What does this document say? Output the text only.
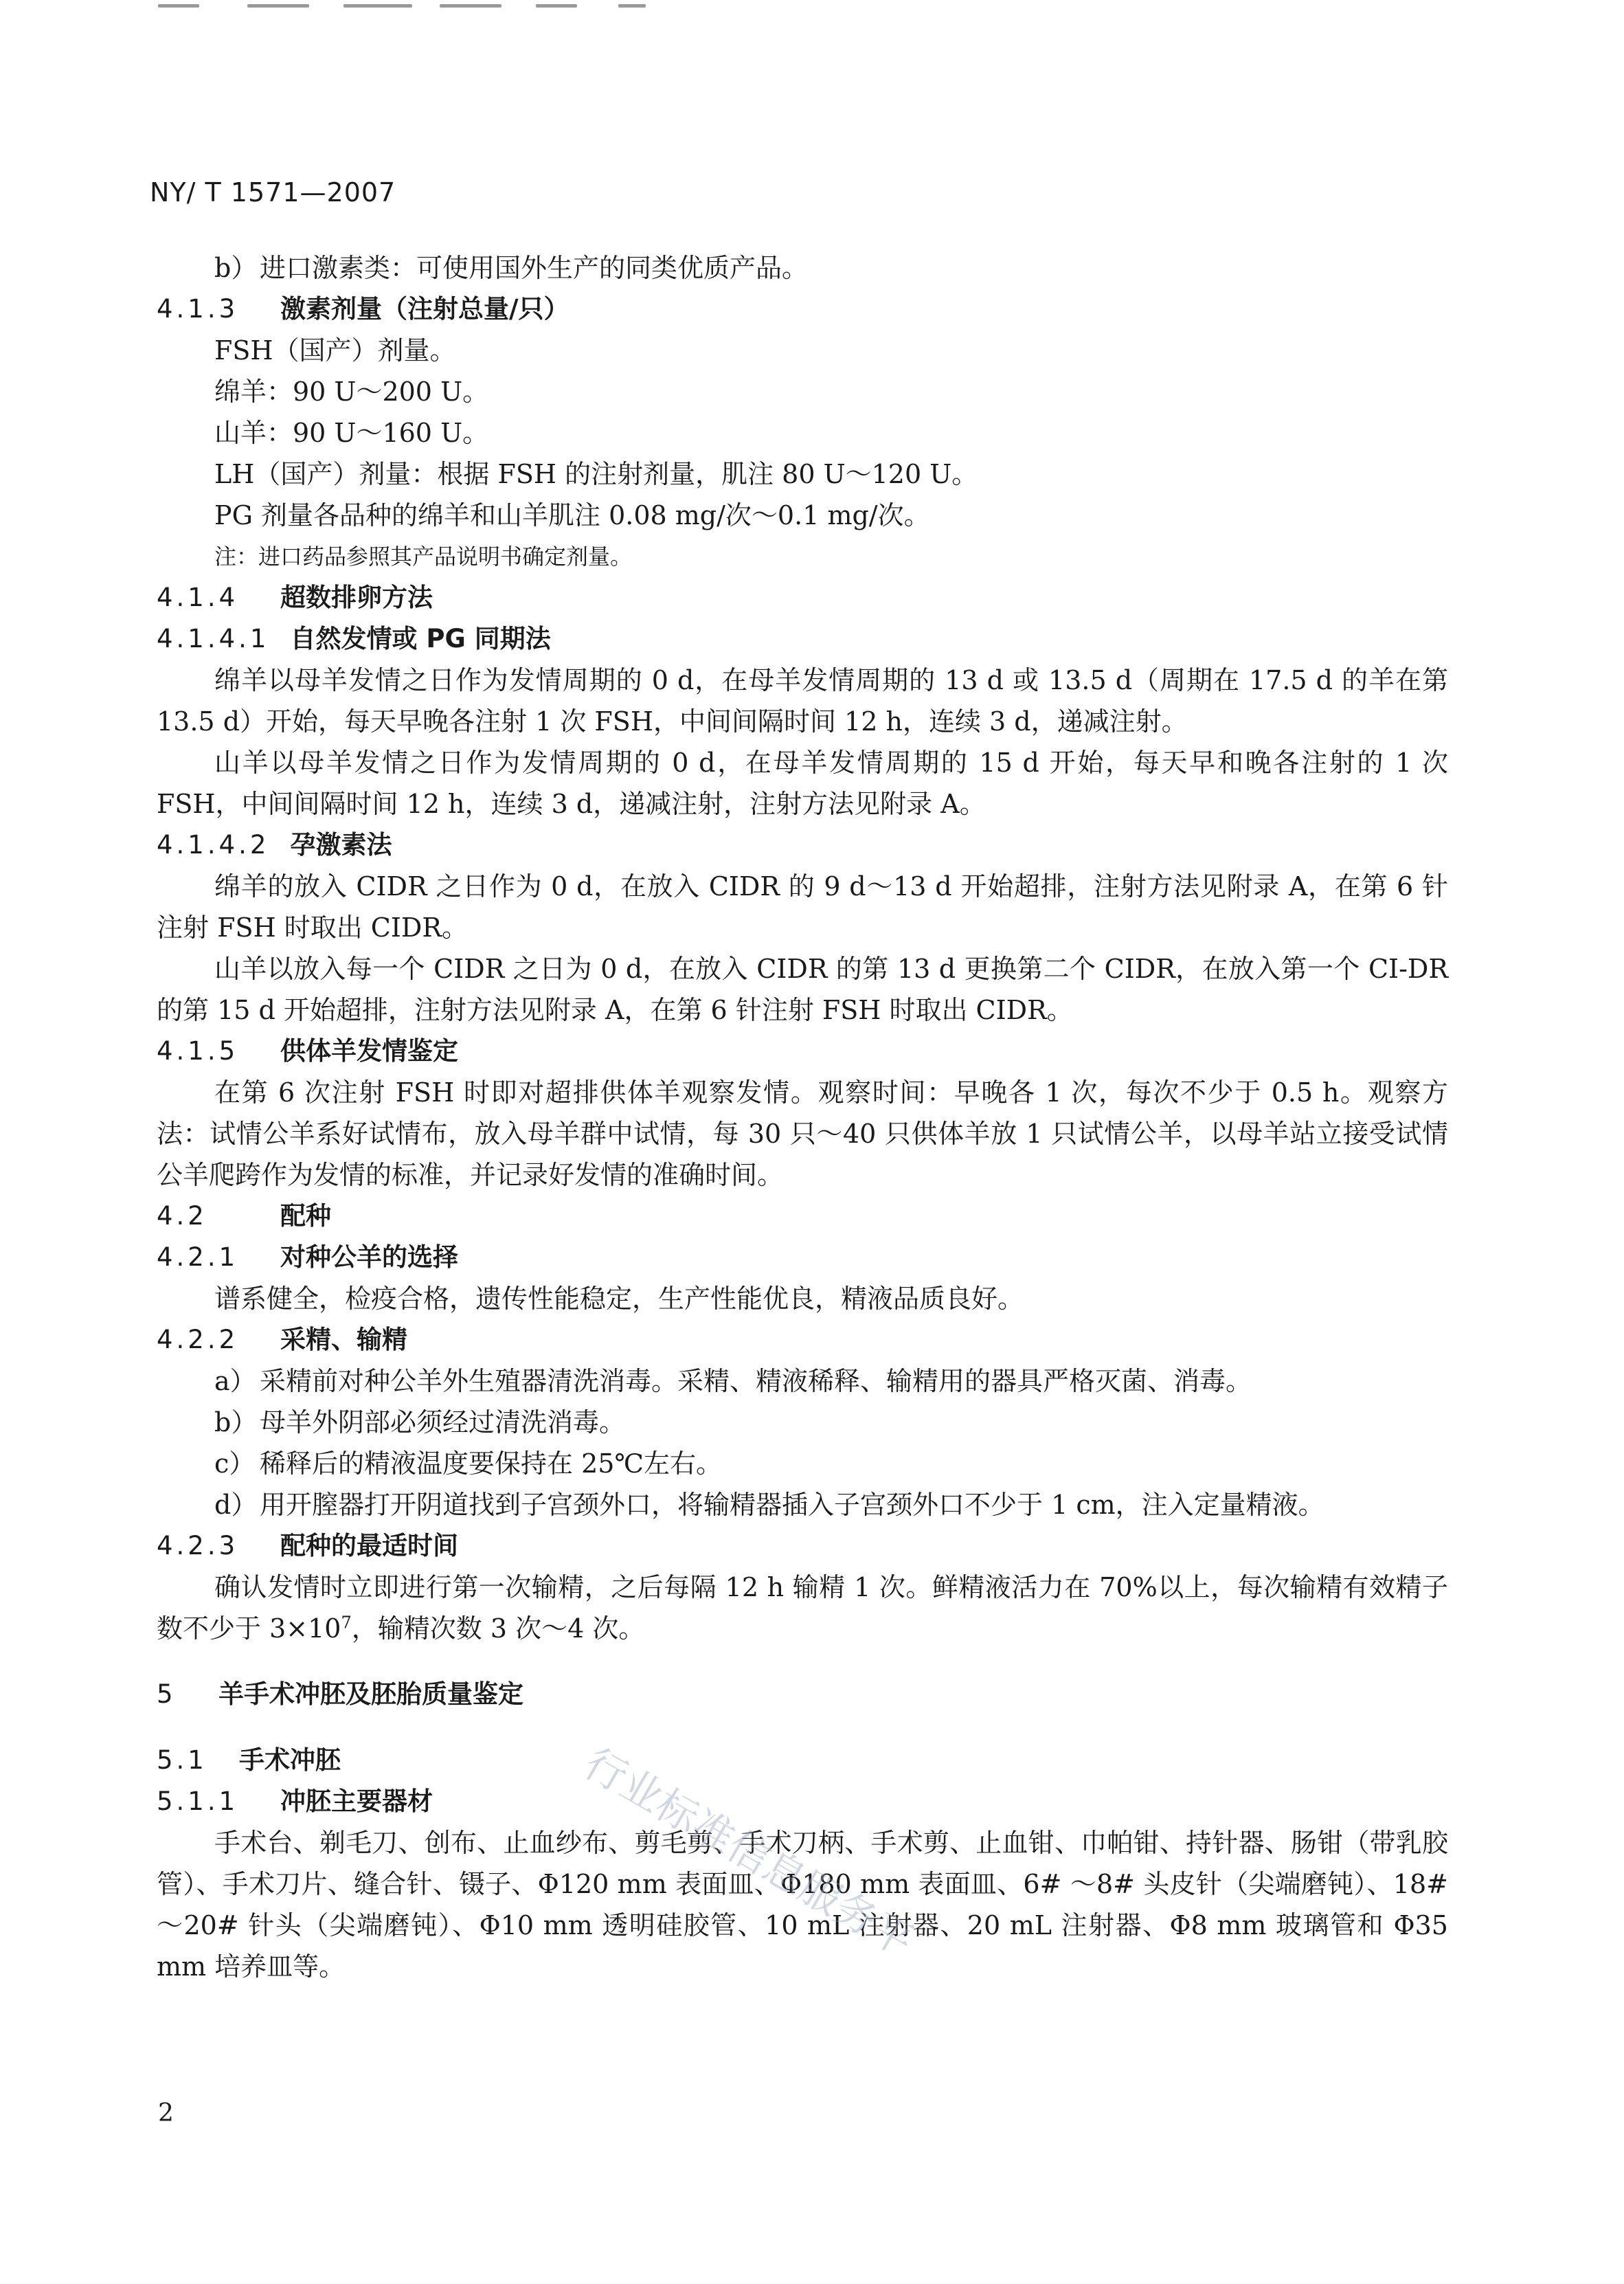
NY/ T 1571—2007

b）进口激素类：可使用国外生产的同类优质产品。

4.1.3 激素剂量（注射总量/只）

FSH（国产）剂量。

绵羊：90 U～200 U。

山羊：90 U～160 U。

LH（国产）剂量：根据 FSH 的注射剂量，肌注 80 U～120 U。

PG 剂量各品种的绵羊和山羊肌注 0.08 mg/次～0.1 mg/次。

注：进口药品参照其产品说明书确定剂量。

4.1.4 超数排卵方法

4.1.4.1 自然发情或 PG 同期法

绵羊以母羊发情之日作为发情周期的 0 d，在母羊发情周期的 13 d 或 13.5 d（周期在 17.5 d 的羊在第 13.5 d）开始，每天早晚各注射 1 次 FSH，中间间隔时间 12 h，连续 3 d，递减注射。

山羊以母羊发情之日作为发情周期的 0 d，在母羊发情周期的 15 d 开始，每天早和晚各注射的 1 次 FSH，中间间隔时间 12 h，连续 3 d，递减注射，注射方法见附录 A。

4.1.4.2 孕激素法

绵羊的放入 CIDR 之日作为 0 d，在放入 CIDR 的 9 d～13 d 开始超排，注射方法见附录 A，在第 6 针注射 FSH 时取出 CIDR。

山羊以放入每一个 CIDR 之日为 0 d，在放入 CIDR 的第 13 d 更换第二个 CIDR，在放入第一个 CI-DR 的第 15 d 开始超排，注射方法见附录 A，在第 6 针注射 FSH 时取出 CIDR。

4.1.5 供体羊发情鉴定

在第 6 次注射 FSH 时即对超排供体羊观察发情。观察时间：早晚各 1 次，每次不少于 0.5 h。观察方法：试情公羊系好试情布，放入母羊群中试情，每 30 只～40 只供体羊放 1 只试情公羊，以母羊站立接受试情公羊爬跨作为发情的标准，并记录好发情的准确时间。

4.2	配种

4.2.1 对种公羊的选择

谱系健全，检疫合格，遗传性能稳定，生产性能优良，精液品质良好。

4.2.2 采精、输精

a） 采精前对种公羊外生殖器清洗消毒。采精、精液稀释、输精用的器具严格灭菌、消毒。

b）母羊外阴部必须经过清洗消毒。

c） 稀释后的精液温度要保持在 25℃左右。

d）用开膣器打开阴道找到子宫颈外口，将输精器插入子宫颈外口不少于 1 cm，注入定量精液。

4.2.3 配种的最适时间

确认发情时立即进行第一次输精，之后每隔 12 h 输精 1 次。鲜精液活力在 70%以上，每次输精有效精子数不少于 $3\times 10^7$，输精次数 3 次～4 次。

5 羊手术冲胚及胚胎质量鉴定

5.1 手术冲胚

5.1.1 冲胚主要器材

手术台、剃毛刀、创布、止血纱布、剪毛剪、手术刀柄、手术剪、止血钳、巾帕钳、持针器、肠钳（带乳胶管）、手术刀片、缝合针、镊子、Φ120 mm 表面皿、Φ180 mm 表面皿、6# ～8# 头皮针（尖端磨钝）、18# ～20# 针头（尖端磨钝）、Φ10 mm 透明硅胶管、10 mL 注射器、20 mL 注射器、Φ8 mm 玻璃管和 Φ35 mm 培养皿等。

行业标准信息服务平
2
